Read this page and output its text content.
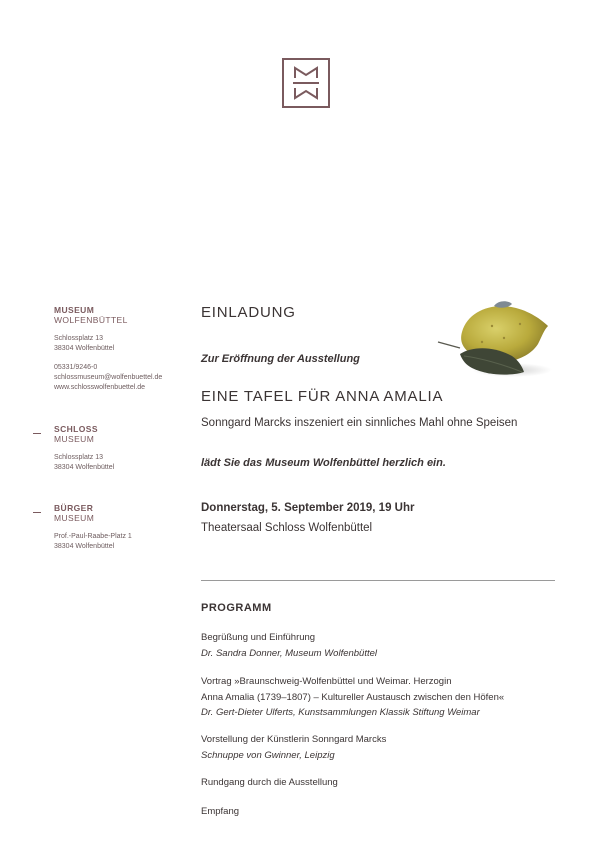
MUSEUM
WOLFENBÜTTEL
Schlossplatz 13
38304 Wolfenbüttel
05331/9246-0
schlossmuseum@wolfenbuettel.de
www.schlosswolfenbuettel.de
SCHLOSS
MUSEUM
Schlossplatz 13
38304 Wolfenbüttel
BÜRGER
MUSEUM
Prof.-Paul-Raabe-Platz 1
38304 Wolfenbüttel
EINLADUNG
Zur Eröffnung der Ausstellung
EINE TAFEL FÜR ANNA AMALIA
Sonngard Marcks inszeniert ein sinnliches Mahl ohne Speisen
lädt Sie das Museum Wolfenbüttel herzlich ein.
Donnerstag, 5. September 2019, 19 Uhr
Theatersaal Schloss Wolfenbüttel
PROGRAMM
Begrüßung und Einführung
Dr. Sandra Donner, Museum Wolfenbüttel
Vortrag »Braunschweig-Wolfenbüttel und Weimar. Herzogin
Anna Amalia (1739–1807) – Kultureller Austausch zwischen den Höfen«
Dr. Gert-Dieter Ulferts, Kunstsammlungen Klassik Stiftung Weimar
Vorstellung der Künstlerin Sonngard Marcks
Schnuppe von Gwinner, Leipzig
Rundgang durch die Ausstellung
Empfang
